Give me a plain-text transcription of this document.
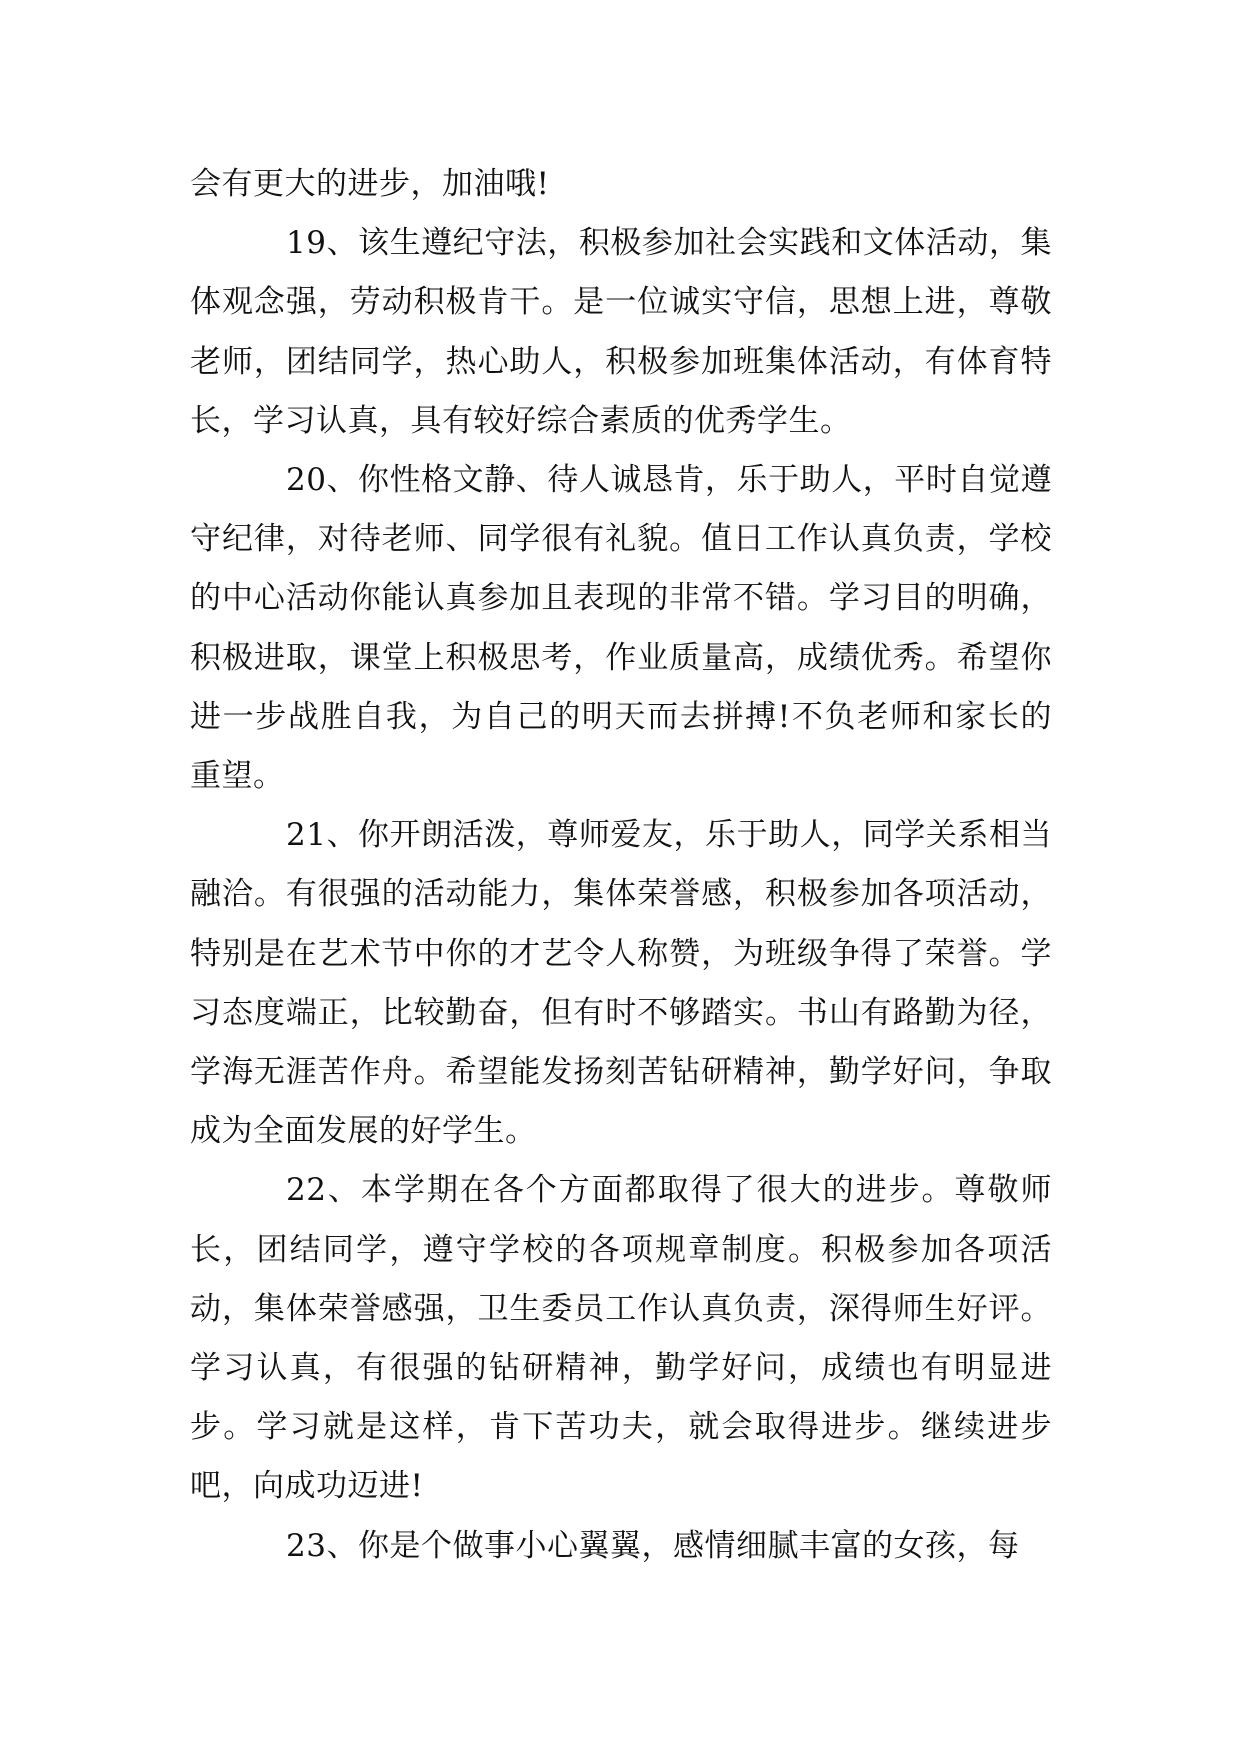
会有更大的进步，加油哦!

19、该生遵纪守法，积极参加社会实践和文体活动，集体观念强，劳动积极肯干。是一位诚实守信，思想上进，尊敬老师，团结同学，热心助人，积极参加班集体活动，有体育特长，学习认真，具有较好综合素质的优秀学生。

20、你性格文静、待人诚恳肯，乐于助人，平时自觉遵守纪律，对待老师、同学很有礼貌。值日工作认真负责，学校的中心活动你能认真参加且表现的非常不错。学习目的明确，积极进取，课堂上积极思考，作业质量高，成绩优秀。希望你进一步战胜自我，为自己的明天而去拼搏!不负老师和家长的重望。

21、你开朗活泼，尊师爱友，乐于助人，同学关系相当融洽。有很强的活动能力，集体荣誉感，积极参加各项活动，特别是在艺术节中你的才艺令人称赞，为班级争得了荣誉。学习态度端正，比较勤奋，但有时不够踏实。书山有路勤为径，学海无涯苦作舟。希望能发扬刻苦钻研精神，勤学好问，争取成为全面发展的好学生。

22、本学期在各个方面都取得了很大的进步。尊敬师长，团结同学，遵守学校的各项规章制度。积极参加各项活动，集体荣誉感强，卫生委员工作认真负责，深得师生好评。学习认真，有很强的钻研精神，勤学好问，成绩也有明显进步。学习就是这样，肯下苦功夫，就会取得进步。继续进步吧，向成功迈进!

23、你是个做事小心翼翼，感情细腻丰富的女孩，每
